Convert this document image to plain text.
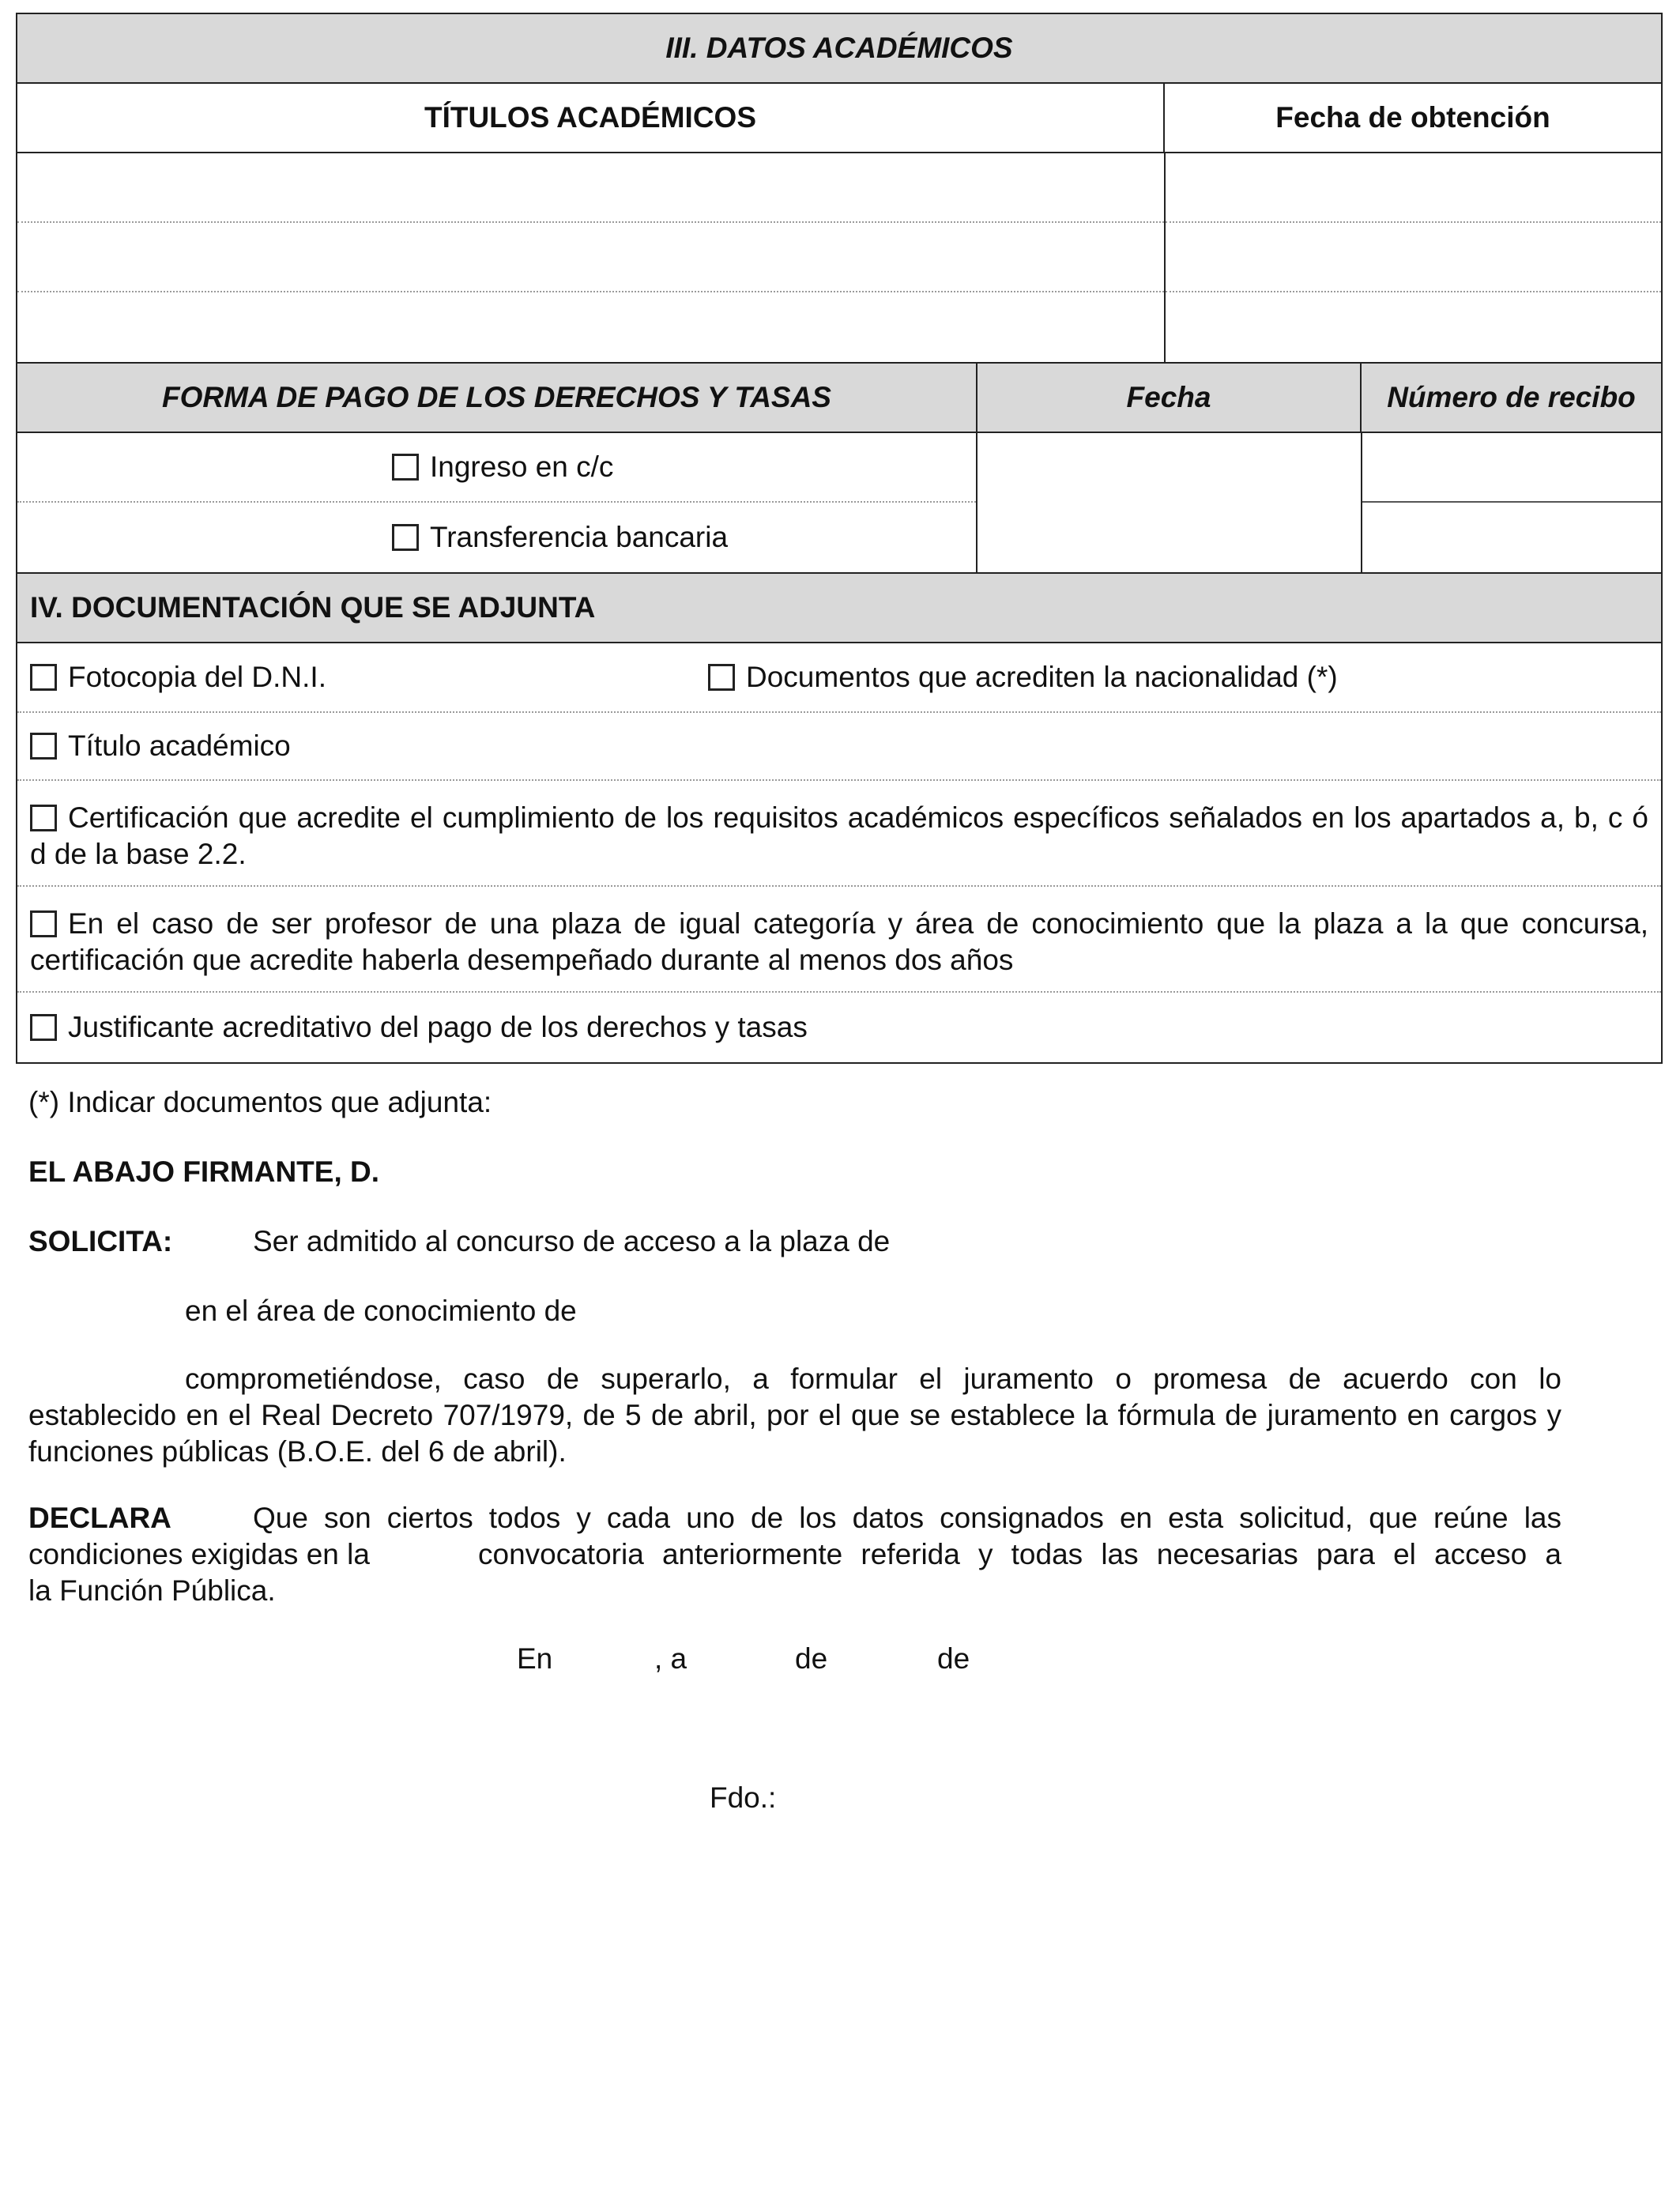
III. DATOS ACADÉMICOS
TÍTULOS ACADÉMICOS	Fecha de obtención
FORMA DE PAGO DE LOS DERECHOS Y TASAS	Fecha	Número de recibo
Ingreso en c/c
Transferencia bancaria
IV. DOCUMENTACIÓN QUE SE ADJUNTA
Fotocopia del D.N.I.	Documentos que acrediten la nacionalidad (*)
Título académico
Certificación que acredite el cumplimiento de los requisitos académicos específicos señalados en los apartados a, b, c ó d de la base 2.2.
En el caso de ser profesor de una plaza de igual categoría y área de conocimiento que la plaza a la que concursa, certificación que acredite haberla desempeñado durante al menos dos años
Justificante acreditativo del pago de los derechos y tasas
(*) Indicar documentos que adjunta:
EL ABAJO FIRMANTE, D.
SOLICITA:	Ser admitido al concurso de acceso a la plaza de
en el área de conocimiento de
comprometiéndose, caso de superarlo, a formular el juramento o promesa de acuerdo con lo
establecido en el Real Decreto 707/1979, de 5 de abril, por el que se establece la fórmula de juramento en cargos y funciones públicas (B.O.E. del 6 de abril).
DECLARA	Que son ciertos todos y cada uno de los datos consignados en esta solicitud, que reúne las
condiciones exigidas en la	convocatoria anteriormente referida y todas las necesarias para el acceso a
la Función Pública.
En	, a	de	de
Fdo.:
